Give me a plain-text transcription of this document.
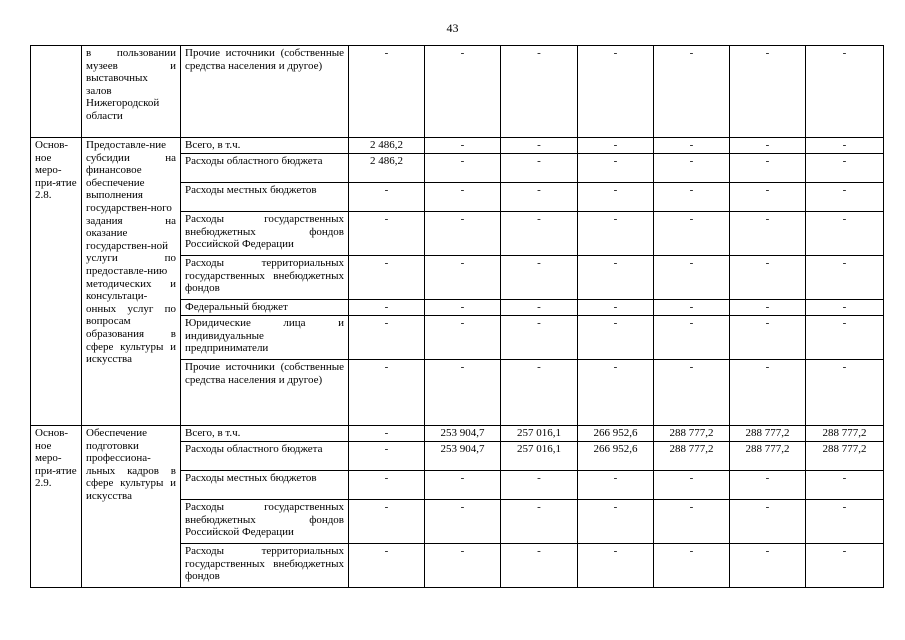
43
	в пользовании музеев и выставочных залов Нижегородской области	Прочие источники (собственные средства населения и другое)	-	-	-	-	-	-	-
Основ-ное меро-при-ятие 2.8.	Предоставле-ние субсидии на финансовое обеспечение выполнения государствен-ного задания на оказание государствен-ной услуги по предоставле-нию методических и консультаци-онных услуг по вопросам образования в сфере культуры и искусства	Всего, в т.ч.	2 486,2	-	-	-	-	-	-
		Расходы областного бюджета	2 486,2	-	-	-	-	-	-
		Расходы местных бюджетов	-	-	-	-	-	-	-
		Расходы государственных внебюджетных фондов Российской Федерации	-	-	-	-	-	-	-
		Расходы территориальных государственных внебюджетных фондов	-	-	-	-	-	-	-
		Федеральный бюджет	-	-	-	-	-	-	-
		Юридические лица и индивидуальные предприниматели	-	-	-	-	-	-	-
		Прочие источники (собственные средства населения и другое)	-	-	-	-	-	-	-
Основ-ное меро-при-ятие 2.9.	Обеспечение подготовки профессиона-льных кадров в сфере культуры и искусства	Всего, в т.ч.	-	253 904,7	257 016,1	266 952,6	288 777,2	288 777,2	288 777,2
		Расходы областного бюджета	-	253 904,7	257 016,1	266 952,6	288 777,2	288 777,2	288 777,2
		Расходы местных бюджетов	-	-	-	-	-	-	-
		Расходы государственных внебюджетных фондов Российской Федерации	-	-	-	-	-	-	-
		Расходы территориальных государственных внебюджетных фондов	-	-	-	-	-	-	-
